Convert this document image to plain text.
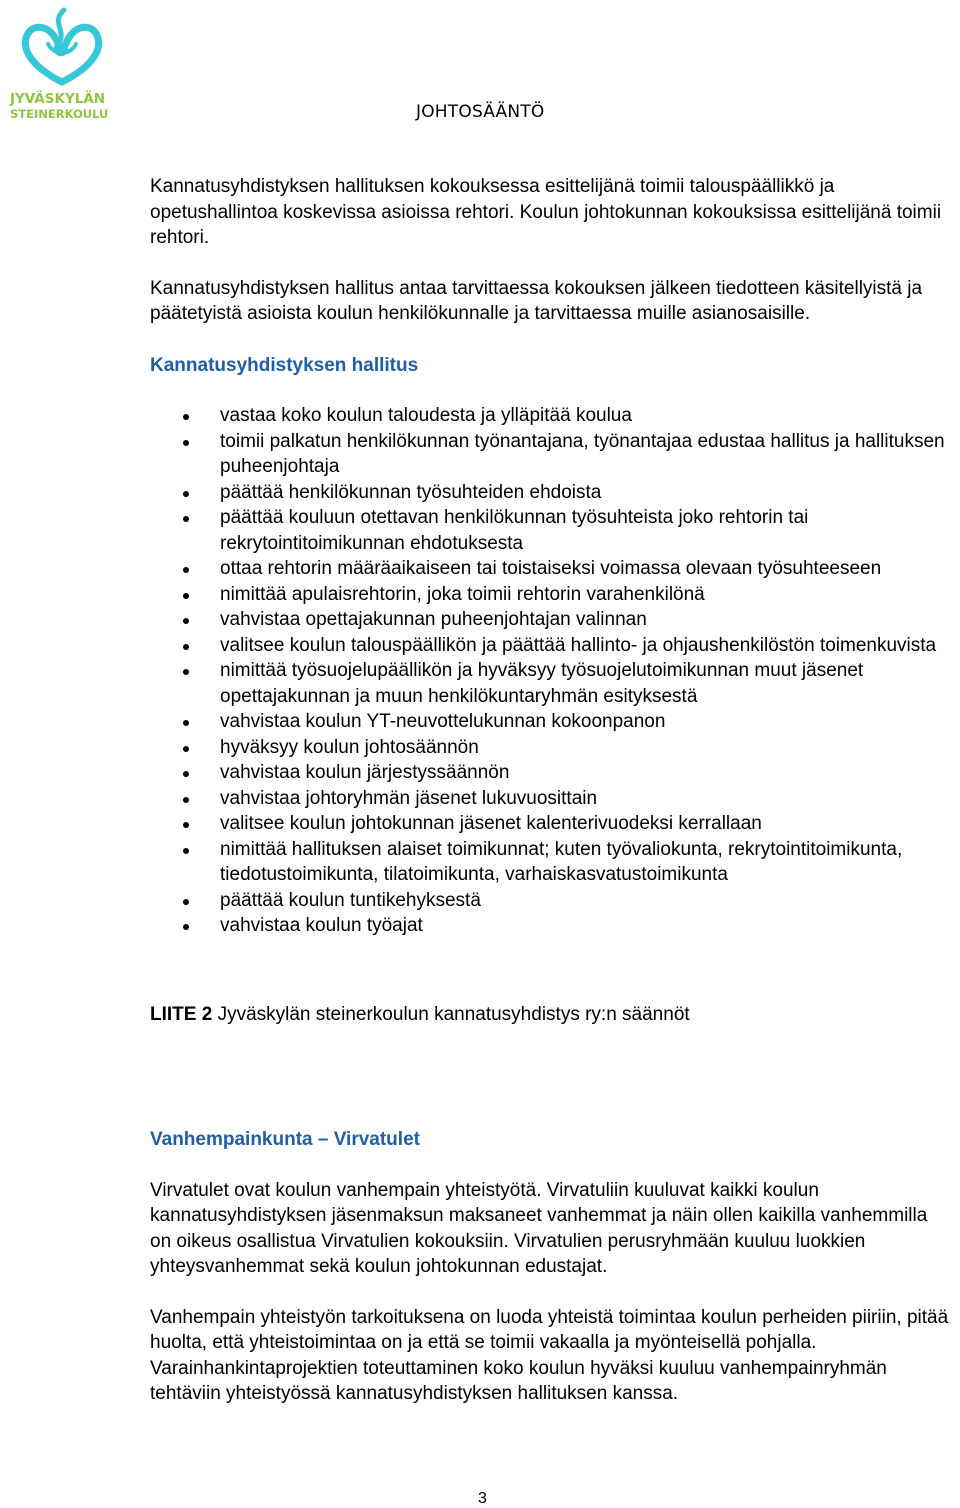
JYVÄSKYLÄN
STEINERKOULU	JOHTOSÄÄNTÖ

Kannatusyhdistyksen hallituksen kokouksessa esittelijänä toimii talouspäällikkö ja opetushallintoa koskevissa asioissa rehtori. Koulun johtokunnan kokouksissa esittelijänä toimii rehtori.

Kannatusyhdistyksen hallitus antaa tarvittaessa kokouksen jälkeen tiedotteen käsitellyistä ja päätetyistä asioista koulun henkilökunnalle ja tarvittaessa muille asianosaisille.

Kannatusyhdistyksen hallitus
vastaa koko koulun taloudesta ja ylläpitää koulua
toimii palkatun henkilökunnan työnantajana, työnantajaa edustaa hallitus ja hallituksen puheenjohtaja
päättää henkilökunnan työsuhteiden ehdoista
päättää kouluun otettavan henkilökunnan työsuhteista joko rehtorin tai rekrytointitoimikunnan ehdotuksesta
ottaa rehtorin määräaikaiseen tai toistaiseksi voimassa olevaan työsuhteeseen
nimittää apulaisrehtorin, joka toimii rehtorin varahenkilönä
vahvistaa opettajakunnan puheenjohtajan valinnan
valitsee koulun talouspäällikön ja päättää hallinto- ja ohjaushenkilöstön toimenkuvista
nimittää työsuojelupäällikön ja hyväksyy työsuojelutoimikunnan muut jäsenet opettajakunnan ja muun henkilökuntaryhmän esityksestä
vahvistaa koulun YT-neuvottelukunnan kokoonpanon
hyväksyy koulun johtosäännön
vahvistaa koulun järjestyssäännön
vahvistaa johtoryhmän jäsenet lukuvuosittain
valitsee koulun johtokunnan jäsenet kalenterivuodeksi kerrallaan
nimittää hallituksen alaiset toimikunnat; kuten työvaliokunta, rekrytointitoimikunta, tiedotustoimikunta, tilatoimikunta, varhaiskasvatustoimikunta
päättää koulun tuntikehyksestä
vahvistaa koulun työajat

LIITE 2 Jyväskylän steinerkoulun kannatusyhdistys ry:n säännöt

Vanhempainkunta – Virvatulet

Virvatulet ovat koulun vanhempain yhteistyötä. Virvatuliin kuuluvat kaikki koulun kannatusyhdistyksen jäsenmaksun maksaneet vanhemmat ja näin ollen kaikilla vanhemmilla on oikeus osallistua Virvatulien kokouksiin. Virvatulien perusryhmään kuuluu luokkien yhteysvanhemmat sekä koulun johtokunnan edustajat.

Vanhempain yhteistyön tarkoituksena on luoda yhteistä toimintaa koulun perheiden piiriin, pitää huolta, että yhteistoimintaa on ja että se toimii vakaalla ja myönteisellä pohjalla. Varainhankintaprojektien toteuttaminen koko koulun hyväksi kuuluu vanhempainryhmän tehtäviin yhteistyössä kannatusyhdistyksen hallituksen kanssa.

3
